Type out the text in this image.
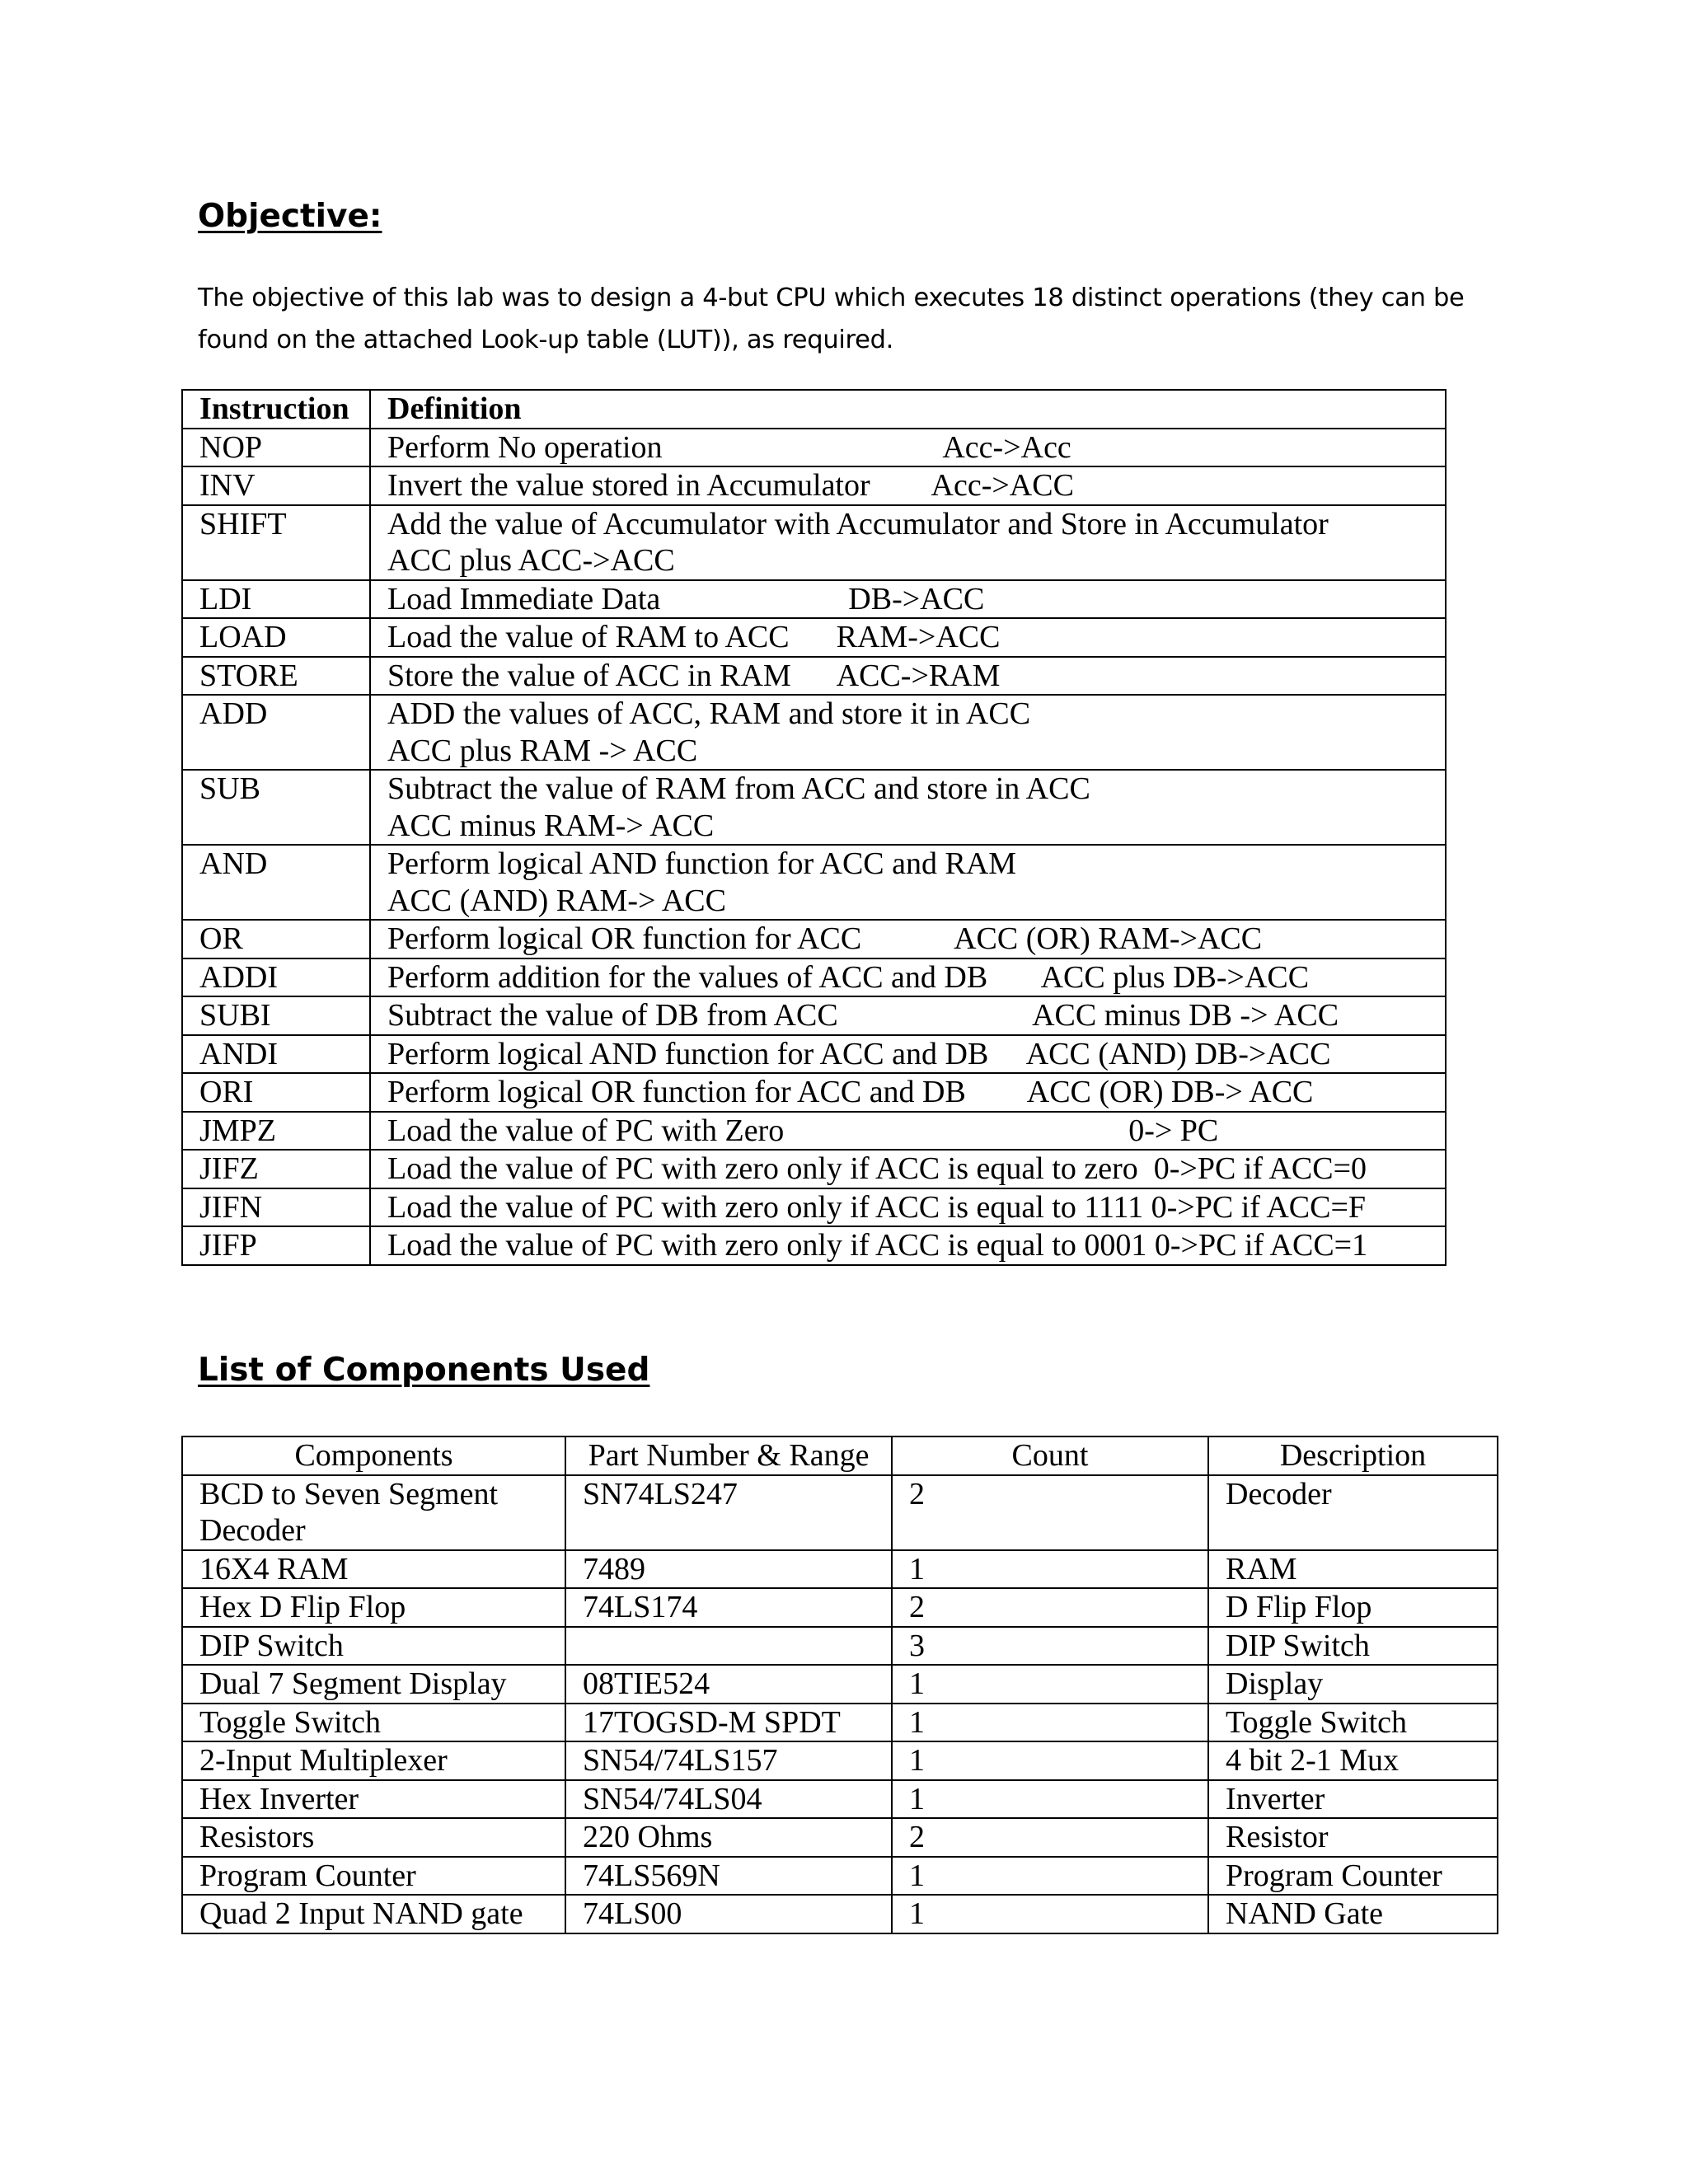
Objective:

The objective of this lab was to design a 4-but CPU which executes 18 distinct operations (they can be found on the attached Look-up table (LUT)), as required.

Instruction	Definition
NOP	Perform No operation                                    Acc->Acc

INV	Invert the value stored in Accumulator        Acc->ACC

SHIFT	Add the value of Accumulator with Accumulator and Store in Accumulator
ACC plus ACC->ACC

LDI	Load Immediate Data                        DB->ACC

LOAD	Load the value of RAM to ACC      RAM->ACC

STORE	Store the value of ACC in RAM      ACC->RAM

ADD	ADD the values of ACC, RAM and store it in ACC
ACC plus RAM -> ACC

SUB	Subtract the value of RAM from ACC and store in ACC
ACC minus RAM-> ACC

AND	Perform logical AND function for ACC and RAM
ACC (AND) RAM-> ACC

OR	Perform logical OR function for ACC            ACC (OR) RAM->ACC

ADDI	Perform addition for the values of ACC and DB       ACC plus DB->ACC

SUBI	Subtract the value of DB from ACC                         ACC minus DB -> ACC

ANDI	Perform logical AND function for ACC and DB     ACC (AND) DB->ACC

ORI	Perform logical OR function for ACC and DB        ACC (OR) DB-> ACC

JMPZ	Load the value of PC with Zero                                            0-> PC

JIFZ	Load the value of PC with zero only if ACC is equal to zero  0->PC if ACC=0

JIFN	Load the value of PC with zero only if ACC is equal to 1111 0->PC if ACC=F

JIFP	Load the value of PC with zero only if ACC is equal to 0001 0->PC if ACC=1
List of Components Used
Components	Part Number & Range	Count	Description
BCD to Seven Segment Decoder	SN74LS247	2	Decoder
16X4 RAM	7489	1	RAM
Hex D Flip Flop	74LS174	2	D Flip Flop
DIP Switch		3	DIP Switch
Dual 7 Segment Display	08TIE524	1	Display
Toggle Switch	17TOGSD-M SPDT	1	Toggle Switch
2-Input Multiplexer	SN54/74LS157	1	4 bit 2-1 Mux
Hex Inverter	SN54/74LS04	1	Inverter
Resistors	220 Ohms	2	Resistor
Program Counter	74LS569N	1	Program Counter
Quad 2 Input NAND gate	74LS00	1	NAND Gate
